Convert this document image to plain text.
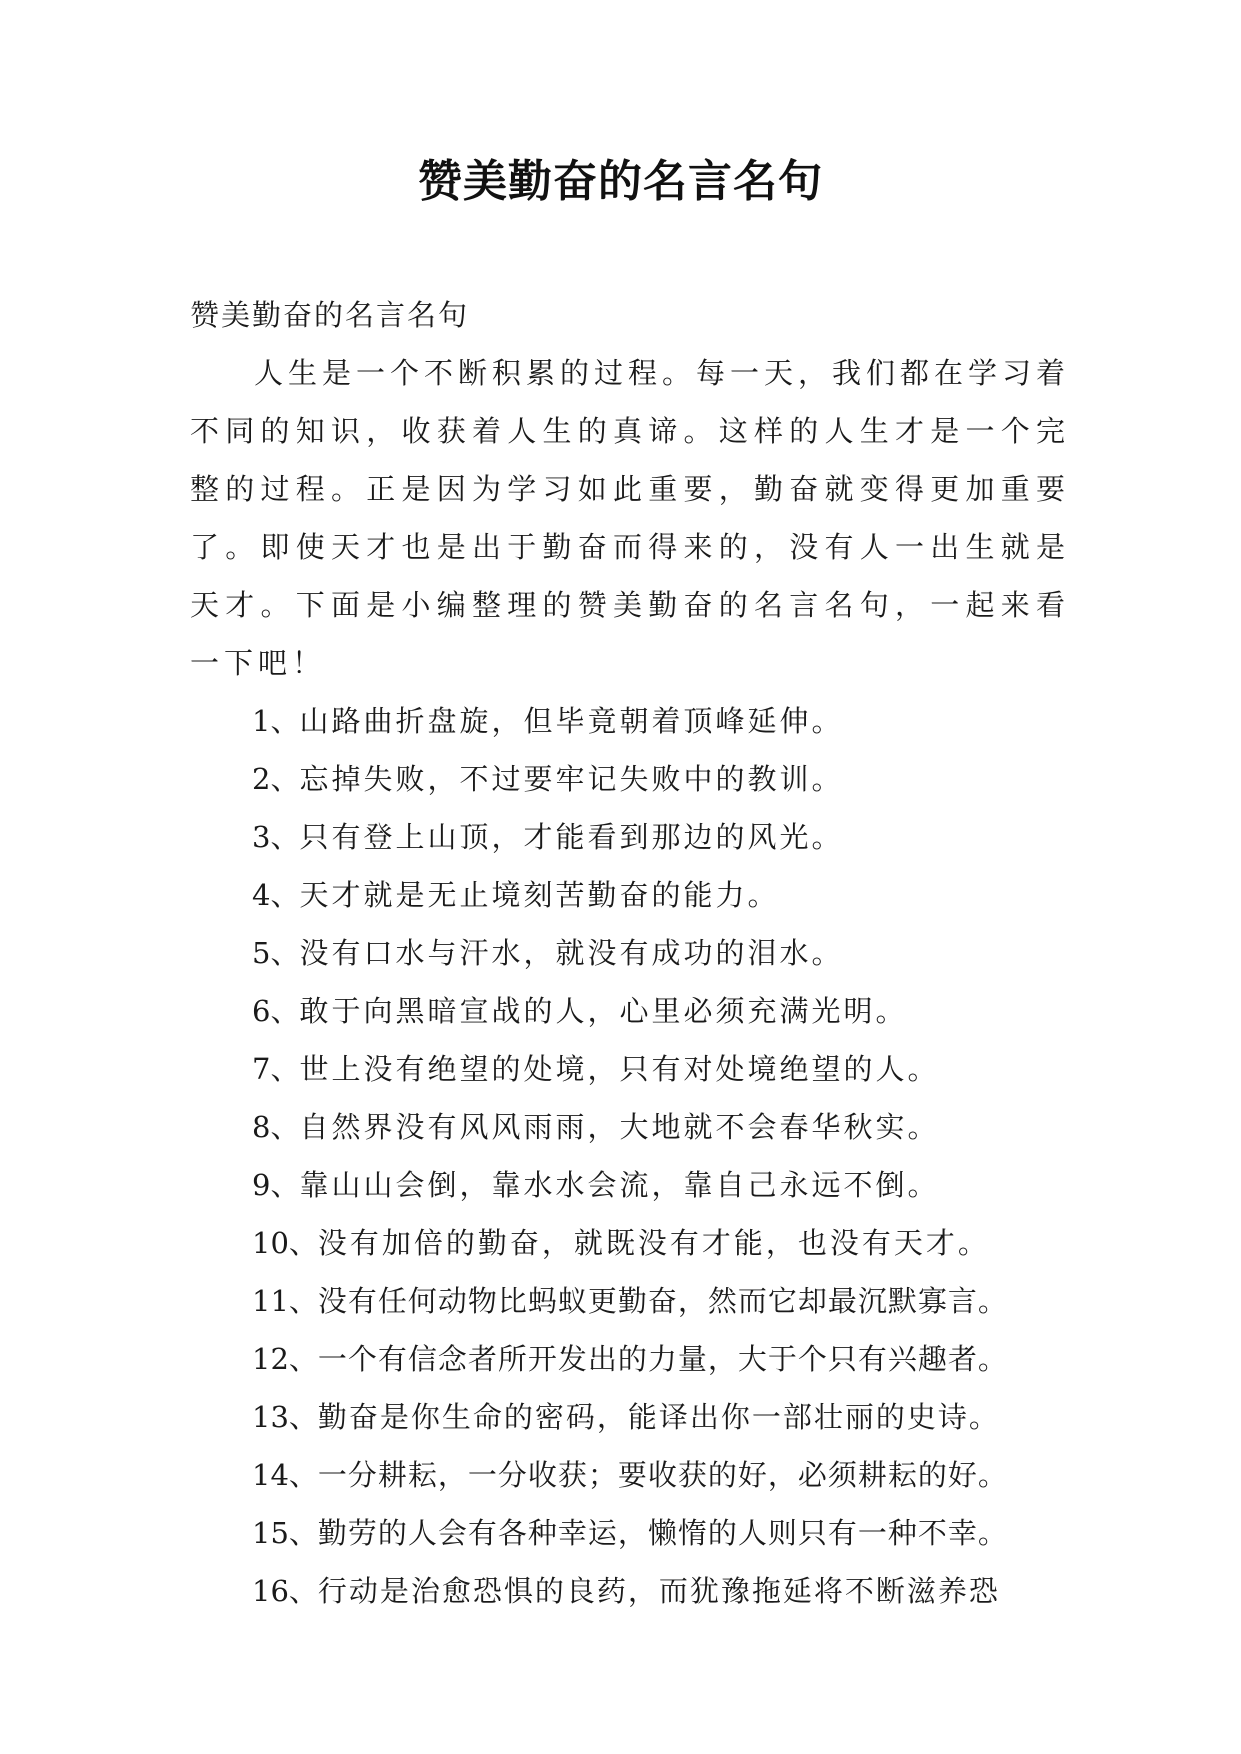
赞美勤奋的名言名句

赞美勤奋的名言名句

人生是一个不断积累的过程。每一天，我们都在学习着不同的知识，收获着人生的真谛。这样的人生才是一个完整的过程。正是因为学习如此重要，勤奋就变得更加重要了。即使天才也是出于勤奋而得来的，没有人一出生就是天才。下面是小编整理的赞美勤奋的名言名句，一起来看一下吧！

1、山路曲折盘旋，但毕竟朝着顶峰延伸。
2、忘掉失败，不过要牢记失败中的教训。
3、只有登上山顶，才能看到那边的风光。
4、天才就是无止境刻苦勤奋的能力。
5、没有口水与汗水，就没有成功的泪水。
6、敢于向黑暗宣战的人，心里必须充满光明。
7、世上没有绝望的处境，只有对处境绝望的人。
8、自然界没有风风雨雨，大地就不会春华秋实。
9、靠山山会倒，靠水水会流，靠自己永远不倒。
10、没有加倍的勤奋，就既没有才能，也没有天才。
11、没有任何动物比蚂蚁更勤奋，然而它却最沉默寡言。
12、一个有信念者所开发出的力量，大于个只有兴趣者。
13、勤奋是你生命的密码，能译出你一部壮丽的史诗。
14、一分耕耘，一分收获；要收获的好，必须耕耘的好。
15、勤劳的人会有各种幸运，懒惰的人则只有一种不幸。
16、行动是治愈恐惧的良药，而犹豫拖延将不断滋养恐
